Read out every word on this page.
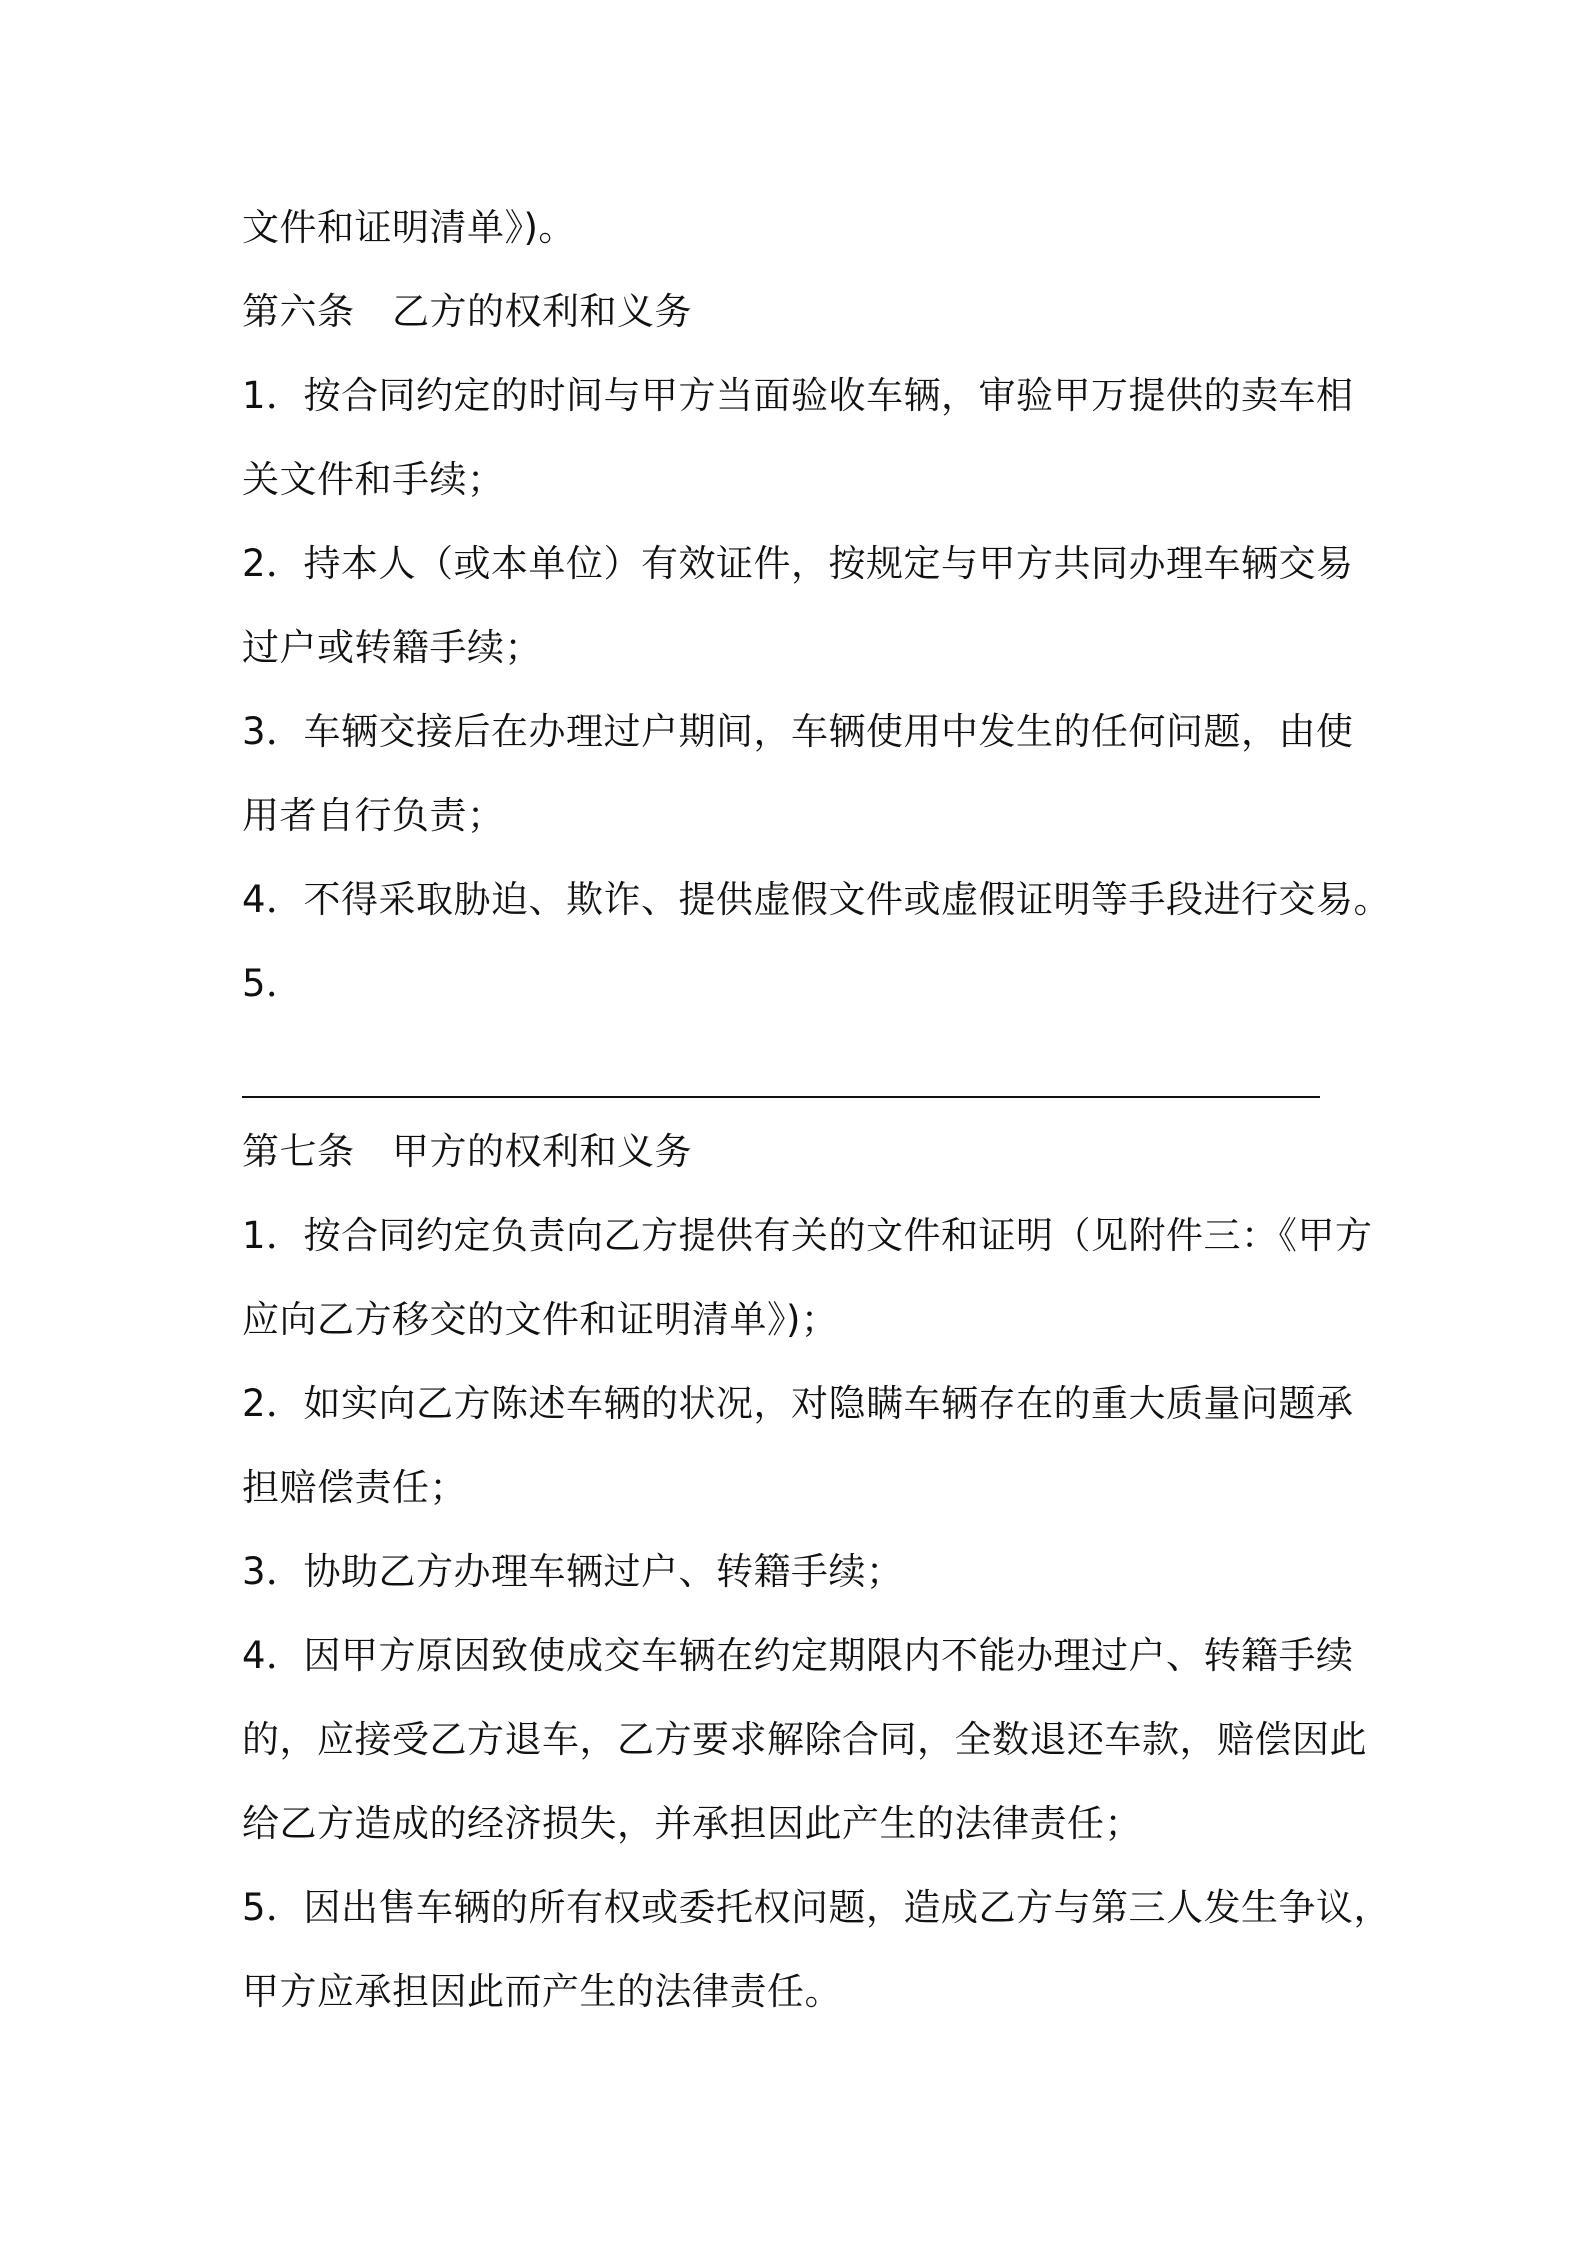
文件和证明清单》)。
第六条　乙方的权利和义务
1．按合同约定的时间与甲方当面验收车辆，审验甲万提供的卖车相
关文件和手续；
2．持本人（或本单位）有效证件，按规定与甲方共同办理车辆交易
过户或转籍手续；
3．车辆交接后在办理过户期间，车辆使用中发生的任何问题，由使
用者自行负责；
4．不得采取胁迫、欺诈、提供虚假文件或虚假证明等手段进行交易。
5．
第七条　甲方的权利和义务
1．按合同约定负责向乙方提供有关的文件和证明（见附件三：《甲方
应向乙方移交的文件和证明清单》)；
2．如实向乙方陈述车辆的状况，对隐瞒车辆存在的重大质量问题承
担赔偿责任；
3．协助乙方办理车辆过户、转籍手续；
4．因甲方原因致使成交车辆在约定期限内不能办理过户、转籍手续
的，应接受乙方退车，乙方要求解除合同，全数退还车款，赔偿因此
给乙方造成的经济损失，并承担因此产生的法律责任；
5．因出售车辆的所有权或委托权问题，造成乙方与第三人发生争议，
甲方应承担因此而产生的法律责任。
